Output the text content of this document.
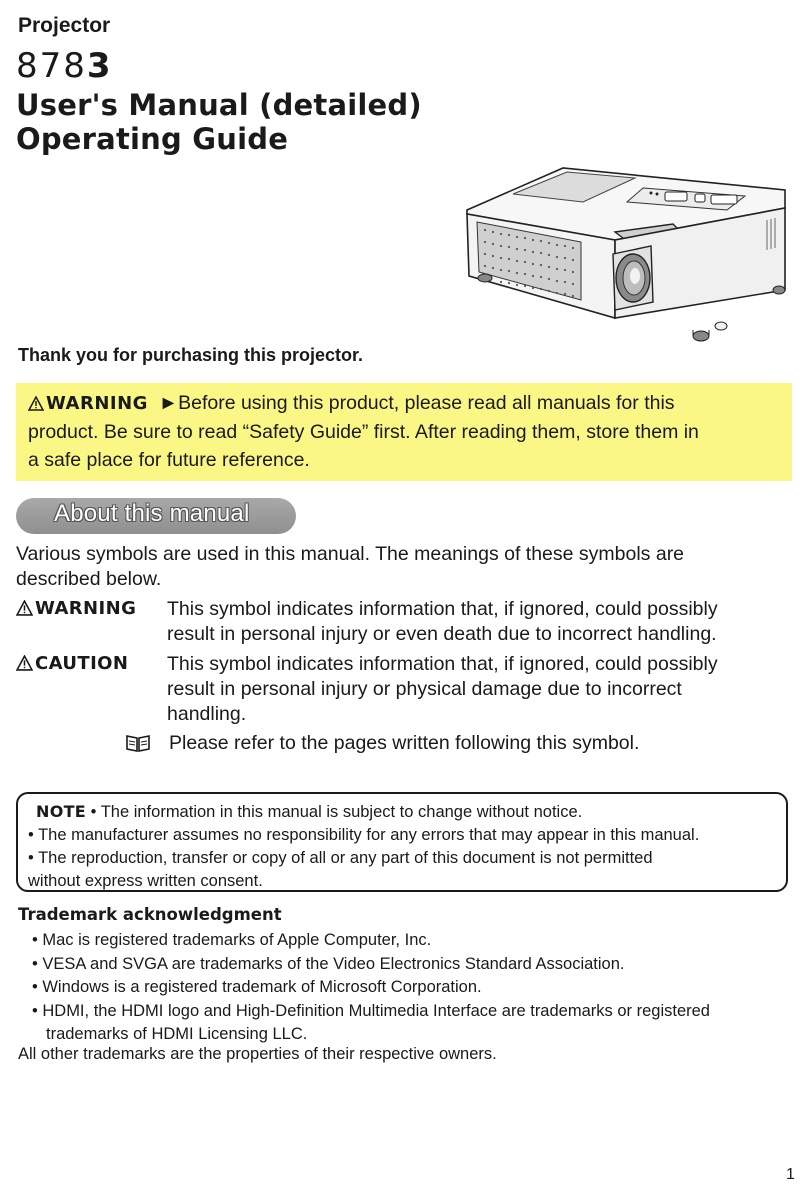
Projector
8783
User's Manual (detailed)
Operating Guide
Thank you for purchasing this projector.
WARNING ►Before using this product, please read all manuals for this
product. Be sure to read “Safety Guide” first. After reading them, store them in
a safe place for future reference.
About this manual
Various symbols are used in this manual. The meanings of these symbols are
described below.
WARNING This symbol indicates information that, if ignored, could possibly
result in personal injury or even death due to incorrect handling.
CAUTION This symbol indicates information that, if ignored, could possibly
result in personal injury or physical damage due to incorrect
handling.
Please refer to the pages written following this symbol.
NOTE • The information in this manual is subject to change without notice.
• The manufacturer assumes no responsibility for any errors that may appear in this manual.
• The reproduction, transfer or copy of all or any part of this document is not permitted
without express written consent.
Trademark acknowledgment
• Mac is registered trademarks of Apple Computer, Inc.
• VESA and SVGA are trademarks of the Video Electronics Standard Association.
• Windows is a registered trademark of Microsoft Corporation.
• HDMI, the HDMI logo and High-Definition Multimedia Interface are trademarks or registered trademarks of HDMI Licensing LLC.
All other trademarks are the properties of their respective owners.
1
